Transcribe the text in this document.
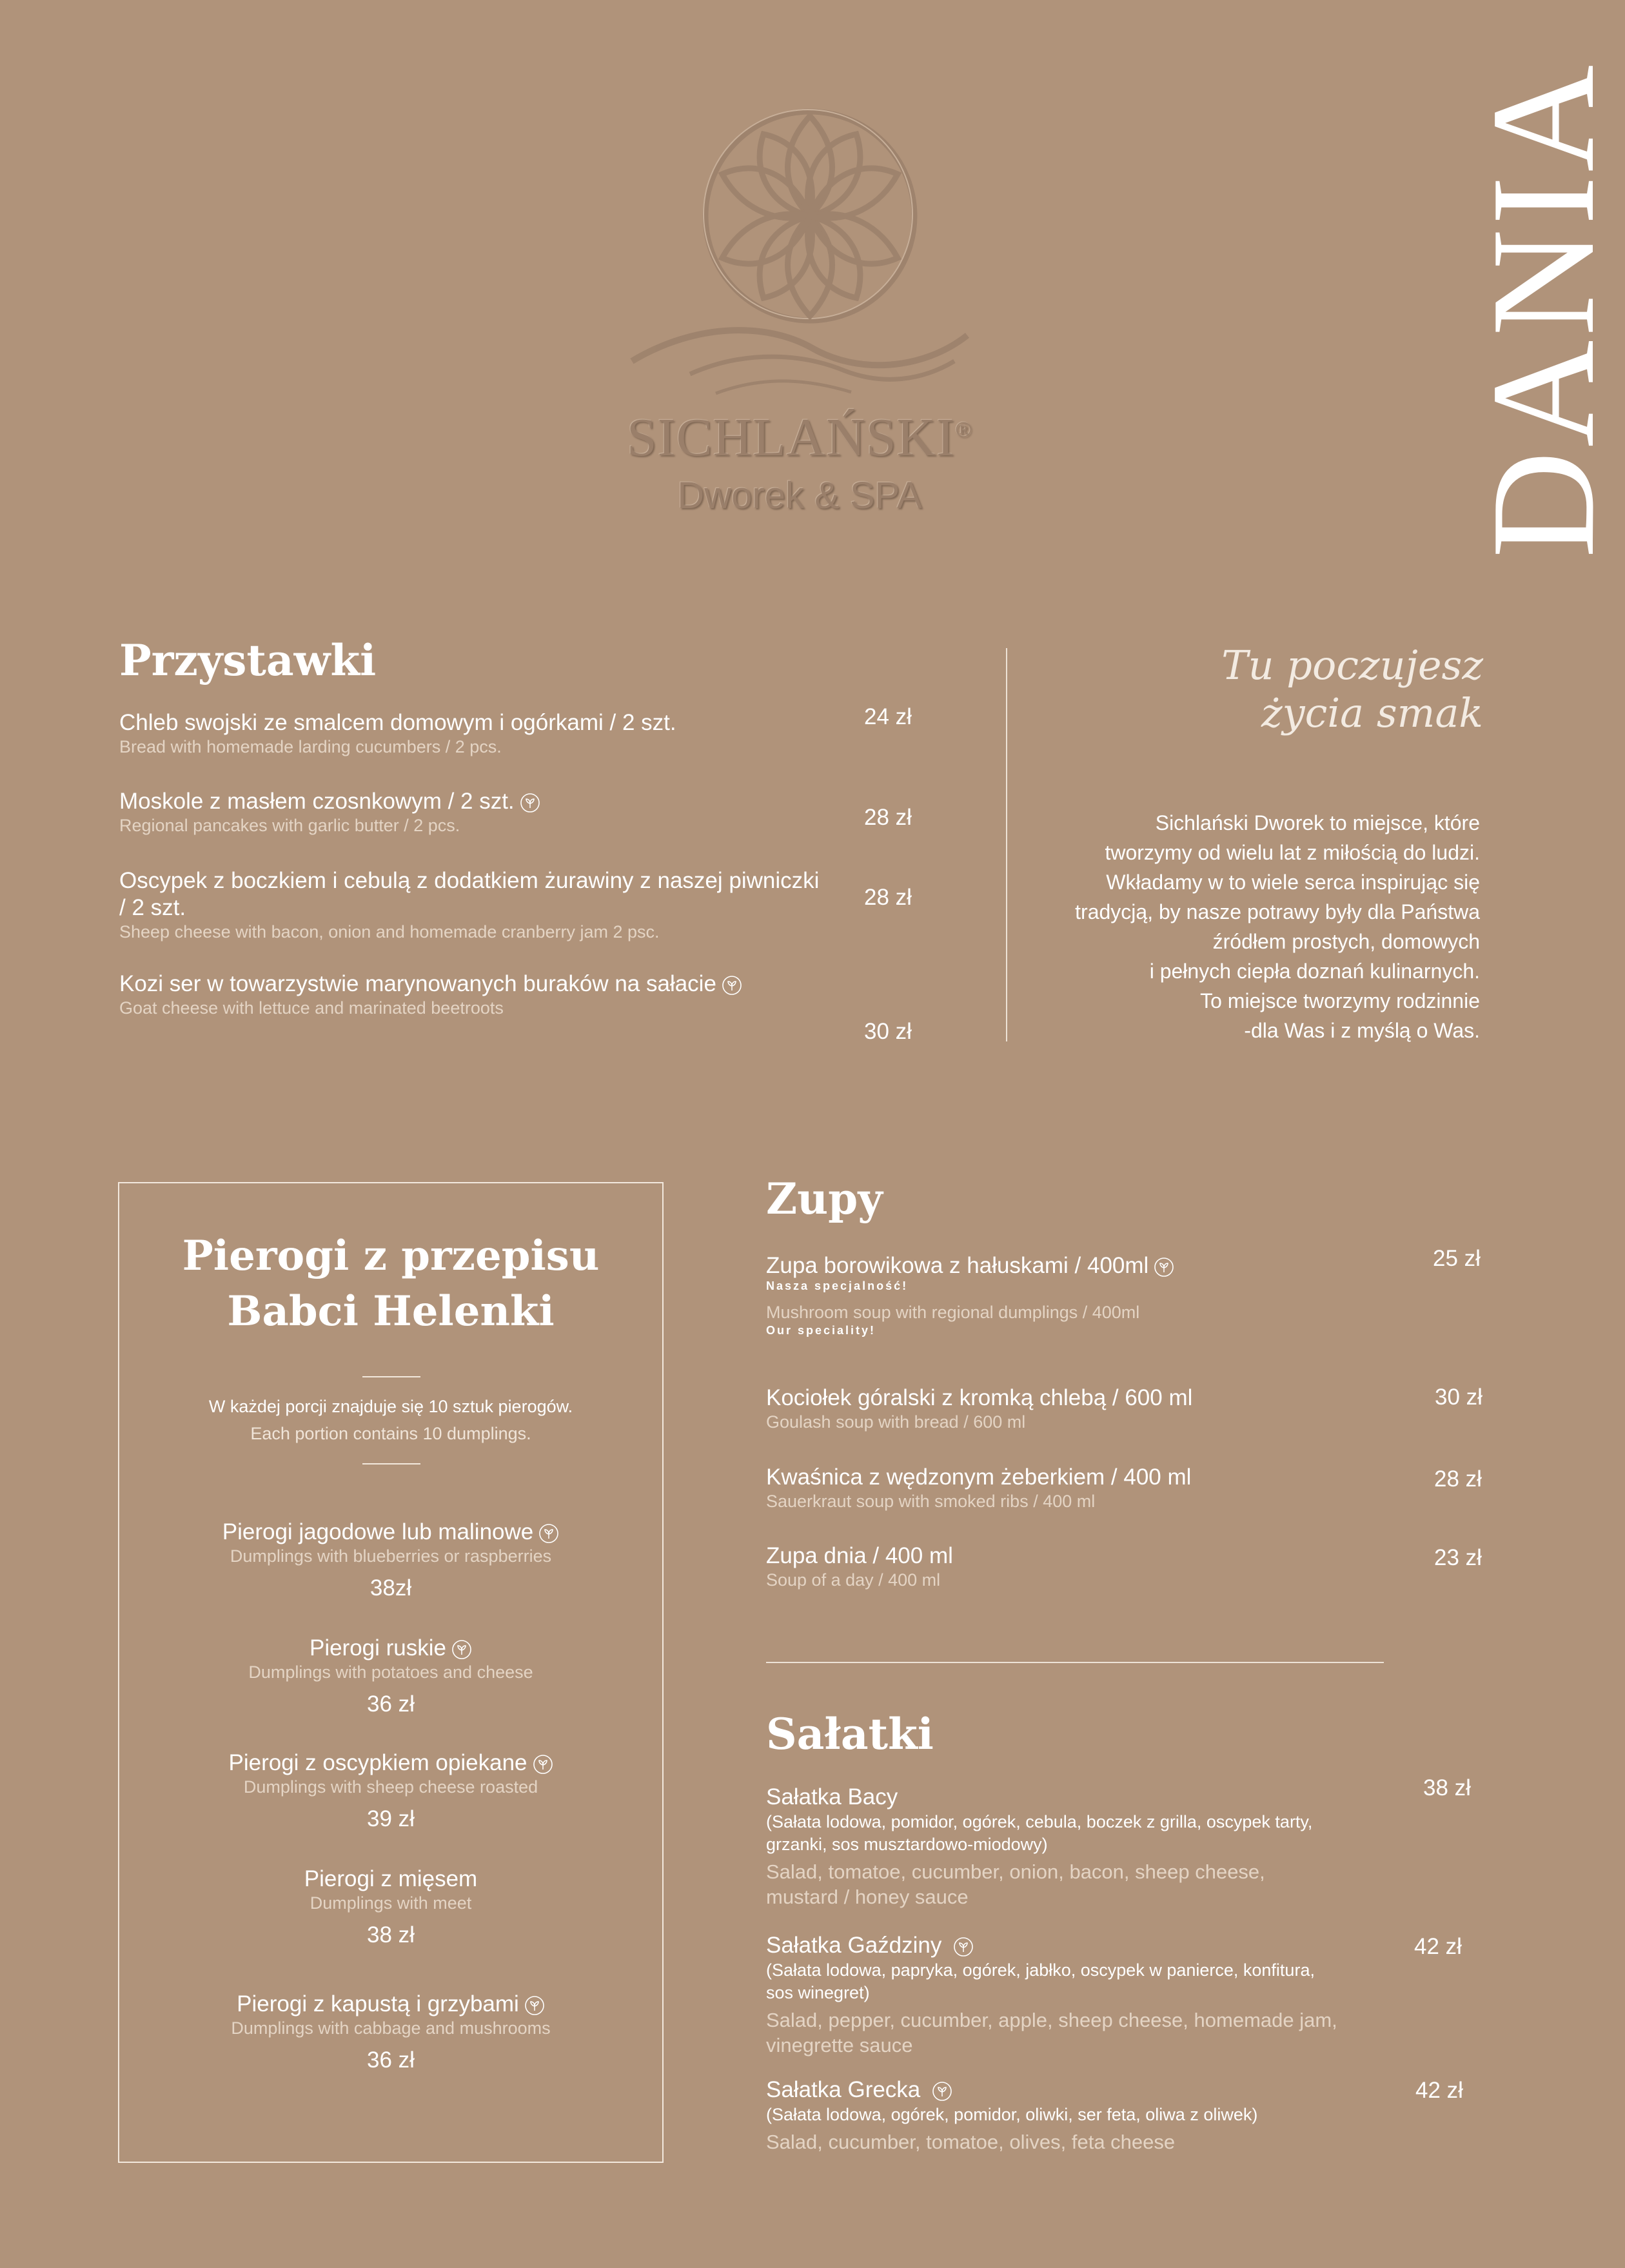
SICHLAŃSKI®
Dworek & SPA	DANIA
Przystawki
Chleb swojski ze smalcem domowym i ogórkami / 2 szt.
Bread with homemade larding cucumbers / 2 pcs.
24 zł
Moskole z masłem czosnkowym / 2 szt.
Regional pancakes with garlic butter / 2 pcs.	28 zł
Oscypek z boczkiem i cebulą z dodatkiem żurawiny z naszej piwniczki / 2 szt.
Sheep cheese with bacon, onion and homemade cranberry jam 2 psc.
28 zł
Kozi ser w towarzystwie marynowanych buraków na sałacie
Goat cheese with lettuce and marinated beetroots
30 zł
Tu poczujesz
życia smak
Sichlański Dworek to miejsce, które
tworzymy od wielu lat z miłością do ludzi.
Wkładamy w to wiele serca inspirując się
tradycją, by nasze potrawy były dla Państwa
źródłem prostych, domowych
i pełnych ciepła doznań kulinarnych.
To miejsce tworzymy rodzinnie
-dla Was i z myślą o Was.
Pierogi z przepisu
Babci Helenki
W każdej porcji znajduje się 10 sztuk pierogów.
Each portion contains 10 dumplings.
Pierogi jagodowe lub malinowe
Dumplings with blueberries or raspberries
38zł
Pierogi ruskie
Dumplings with potatoes and cheese
36 zł
Pierogi z oscypkiem opiekane
Dumplings with sheep cheese roasted
39 zł
Pierogi z mięsem
Dumplings with meet
38 zł
Pierogi z kapustą i grzybami
Dumplings with cabbage and mushrooms
36 zł
Zupy
Zupa borowikowa z hałuskami / 400ml
Nasza specjalność!
Mushroom soup with regional dumplings / 400ml
Our speciality!
25 zł
Kociołek góralski z kromką chlebą / 600 ml
Goulash soup with bread / 600 ml
30 zł
Kwaśnica z wędzonym żeberkiem / 400 ml
Sauerkraut soup with smoked ribs / 400 ml
28 zł
Zupa dnia / 400 ml
Soup of a day / 400 ml
23 zł
Sałatki
Sałatka Bacy
(Sałata lodowa, pomidor, ogórek, cebula, boczek z grilla, oscypek tarty,
grzanki, sos musztardowo-miodowy)
Salad, tomatoe, cucumber, onion, bacon, sheep cheese,
mustard / honey sauce
38 zł
Sałatka Gaździny
(Sałata lodowa, papryka, ogórek, jabłko, oscypek w panierce, konfitura,
sos winegret)
Salad, pepper, cucumber, apple, sheep cheese, homemade jam,
vinegrette sauce
42 zł
Sałatka Grecka
(Sałata lodowa, ogórek, pomidor, oliwki, ser feta, oliwa z oliwek)
Salad, cucumber, tomatoe, olives, feta cheese
42 zł
